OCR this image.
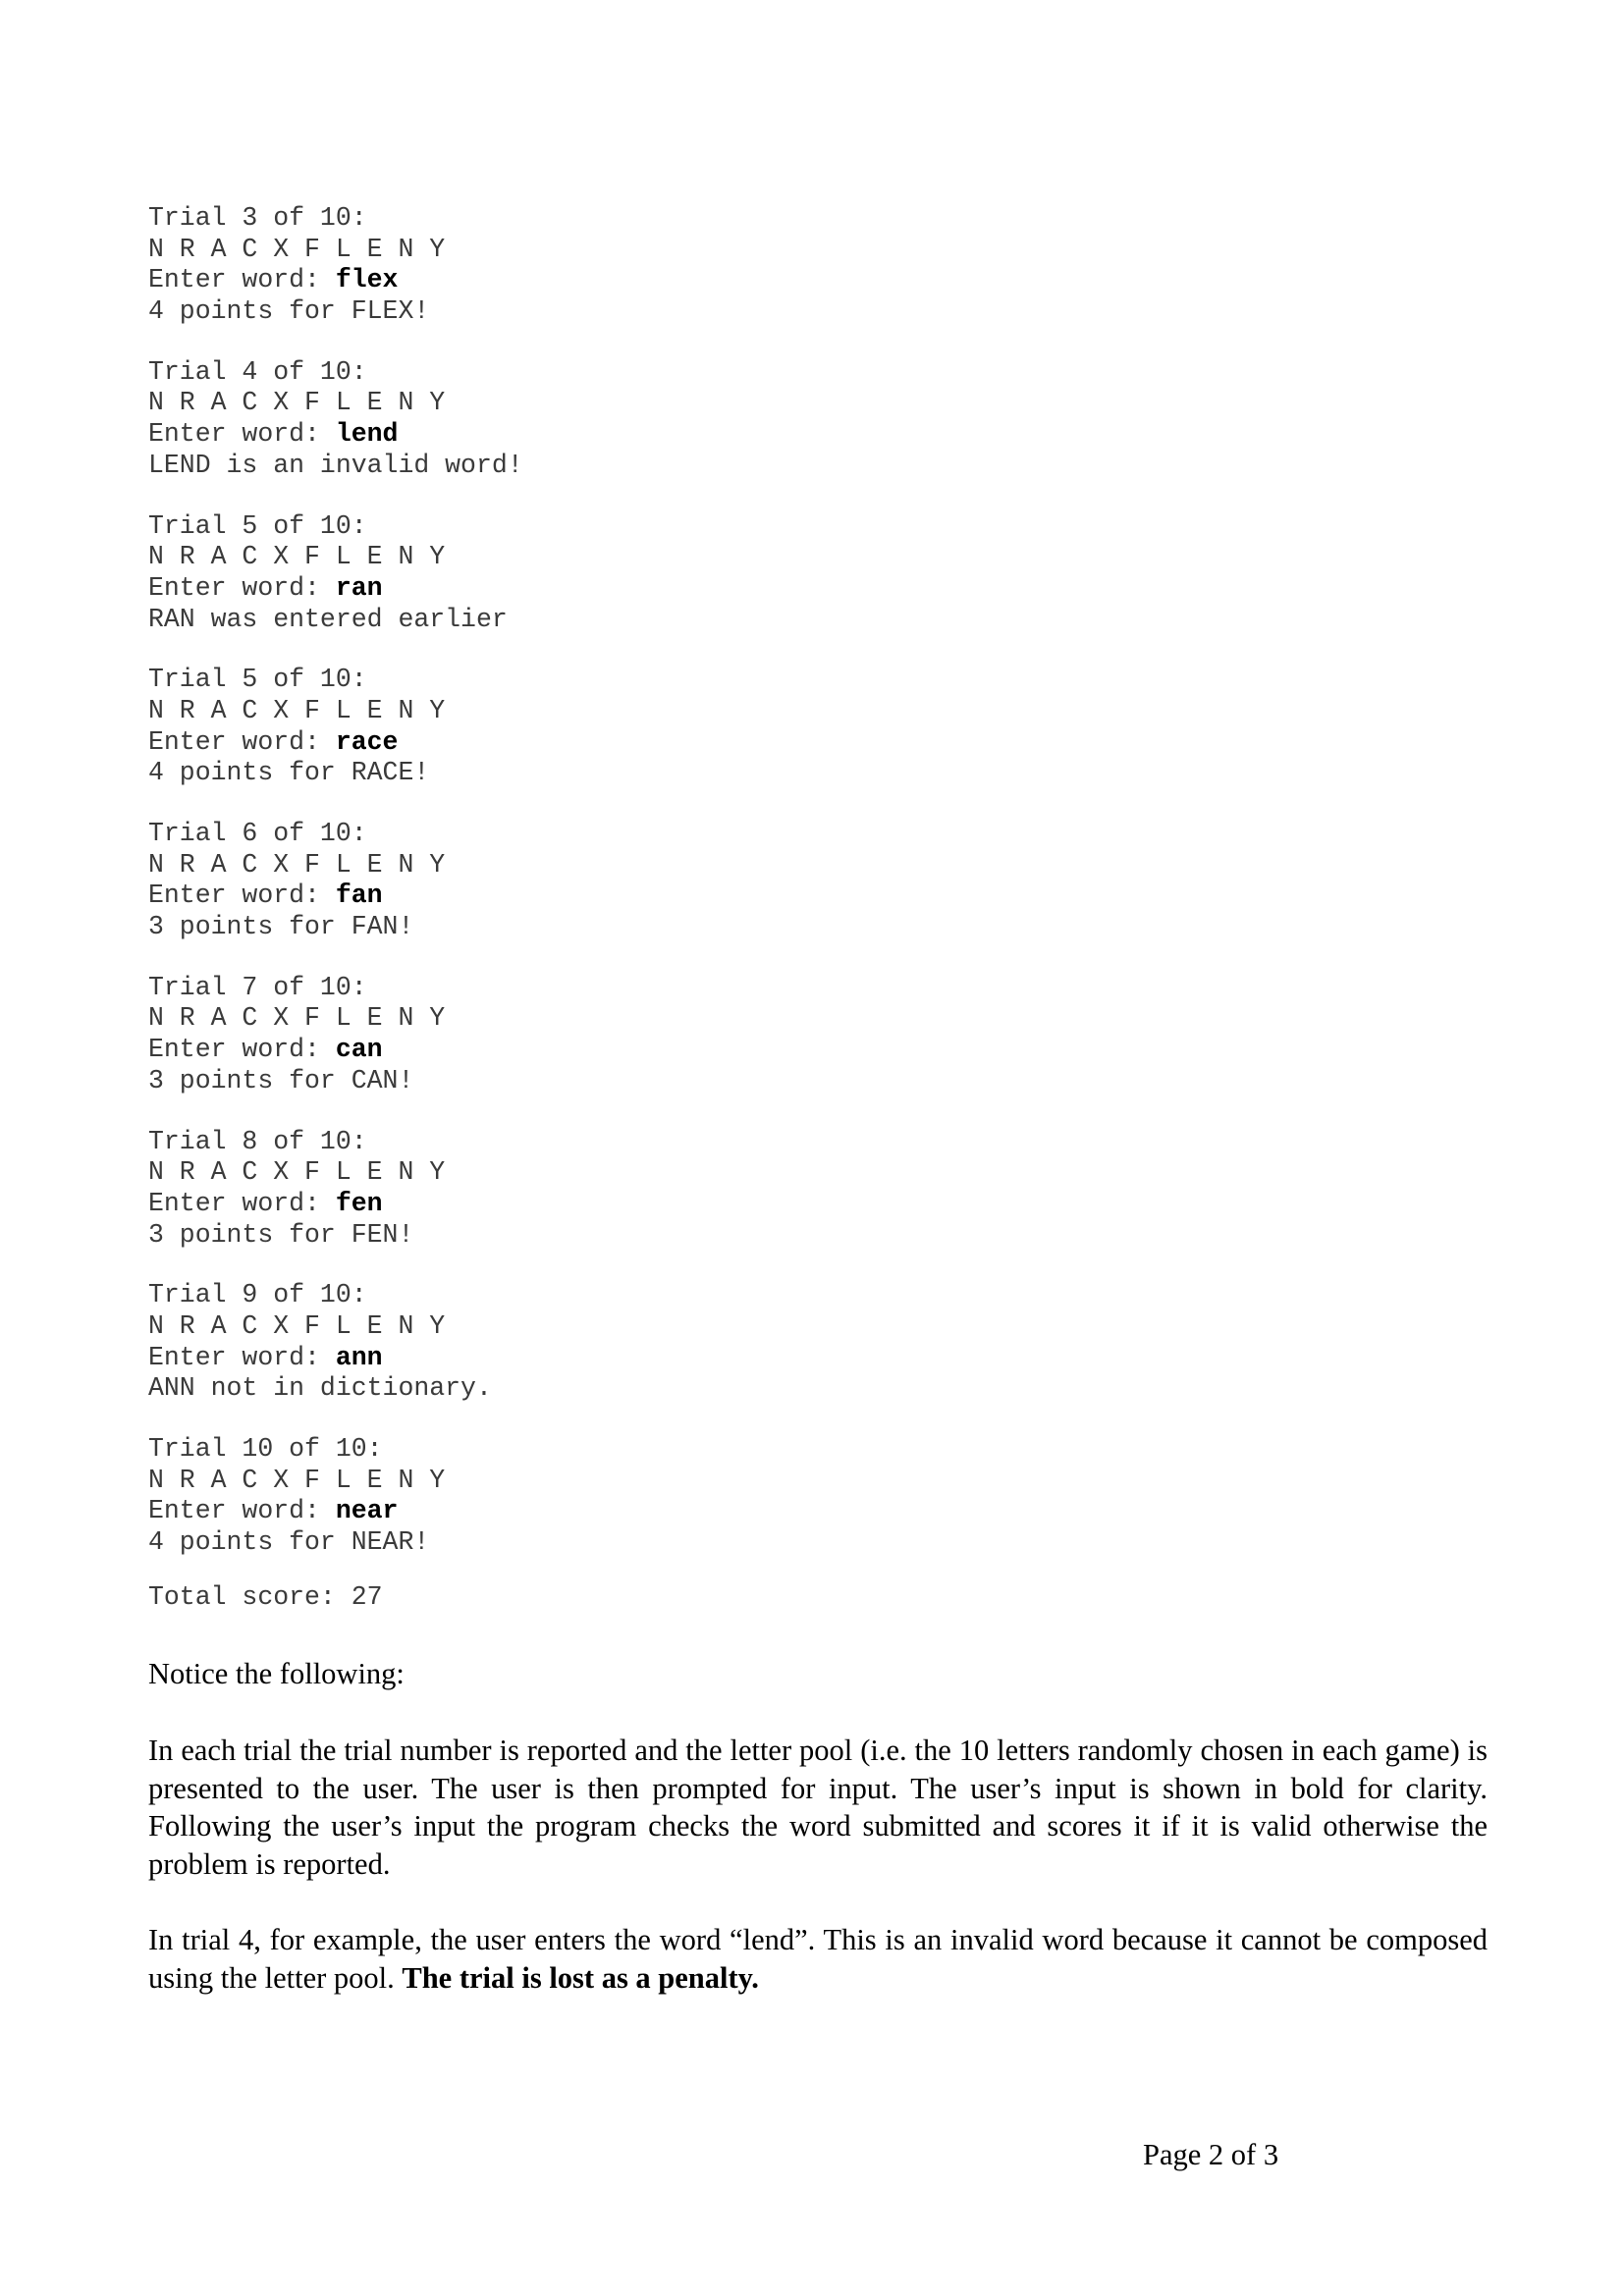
Trial 3 of 10:
N R A C X F L E N Y
Enter word: flex
4 points for FLEX!
Trial 4 of 10:
N R A C X F L E N Y
Enter word: lend
LEND is an invalid word!
Trial 5 of 10:
N R A C X F L E N Y
Enter word: ran
RAN was entered earlier
Trial 5 of 10:
N R A C X F L E N Y
Enter word: race
4 points for RACE!
Trial 6 of 10:
N R A C X F L E N Y
Enter word: fan
3 points for FAN!
Trial 7 of 10:
N R A C X F L E N Y
Enter word: can
3 points for CAN!
Trial 8 of 10:
N R A C X F L E N Y
Enter word: fen
3 points for FEN!
Trial 9 of 10:
N R A C X F L E N Y
Enter word: ann
ANN not in dictionary.
Trial 10 of 10:
N R A C X F L E N Y
Enter word: near
4 points for NEAR!
Total score: 27

Notice the following:

In each trial the trial number is reported and the letter pool (i.e. the 10 letters randomly chosen in each game) is presented to the user. The user is then prompted for input. The user’s input is shown in bold for clarity. Following the user’s input the program checks the word submitted and scores it if it is valid otherwise the problem is reported.

In trial 4, for example, the user enters the word “lend”. This is an invalid word because it cannot be composed using the letter pool. The trial is lost as a penalty.

Page 2 of 3
